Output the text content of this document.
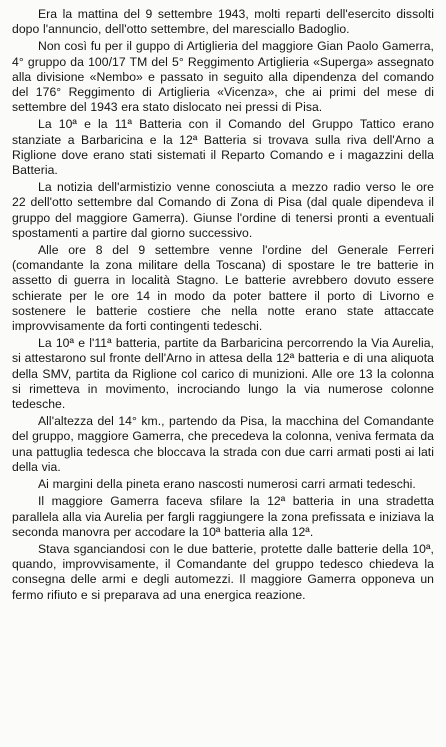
Era la mattina del 9 settembre 1943, molti reparti dell'esercito dissolti dopo l'annuncio, dell'otto settembre, del maresciallo Badoglio.

Non così fu per il guppo di Artiglieria del maggiore Gian Paolo Gamerra, 4° gruppo da 100/17 TM del 5° Reggimento Artiglieria «Superga» assegnato alla divisione «Nembo» e passato in seguito alla dipendenza del comando del 176° Reggimento di Artiglieria «Vicenza», che ai primi del mese di settembre del 1943 era stato dislocato nei pressi di Pisa.

La 10ª e la 11ª Batteria con il Comando del Gruppo Tattico erano stanziate a Barbaricina e la 12ª Batteria si trovava sulla riva dell'Arno a Riglione dove erano stati sistemati il Reparto Comando e i magazzini della Batteria.

La notizia dell'armistizio venne conosciuta a mezzo radio verso le ore 22 dell'otto settembre dal Comando di Zona di Pisa (dal quale dipendeva il gruppo del maggiore Gamerra). Giunse l'ordine di tenersi pronti a eventuali spostamenti a partire dal giorno successivo.

Alle ore 8 del 9 settembre venne l'ordine del Generale Ferreri (comandante la zona militare della Toscana) di spostare le tre batterie in assetto di guerra in località Stagno. Le batterie avrebbero dovuto essere schierate per le ore 14 in modo da poter battere il porto di Livorno e sostenere le batterie costiere che nella notte erano state attaccate improvvisamente da forti contingenti tedeschi.

La 10ª e l'11ª batteria, partite da Barbaricina percorrendo la Via Aurelia, si attestarono sul fronte dell'Arno in attesa della 12ª batteria e di una aliquota della SMV, partita da Riglione col carico di munizioni. Alle ore 13 la colonna si rimetteva in movimento, incrociando lungo la via numerose colonne tedesche.

All'altezza del 14° km., partendo da Pisa, la macchina del Comandante del gruppo, maggiore Gamerra, che precedeva la colonna, veniva fermata da una pattuglia tedesca che bloccava la strada con due carri armati posti ai lati della via.

Ai margini della pineta erano nascosti numerosi carri armati tedeschi.

Il maggiore Gamerra faceva sfilare la 12ª batteria in una stradetta parallela alla via Aurelia per fargli raggiungere la zona prefissata e iniziava la seconda manovra per accodare la 10ª batteria alla 12ª.

Stava sganciandosi con le due batterie, protette dalle batterie della 10ª, quando, improvvisamente, il Comandante del gruppo tedesco chiedeva la consegna delle armi e degli automezzi. Il maggiore Gamerra opponeva un fermo rifiuto e si preparava ad una energica reazione.
